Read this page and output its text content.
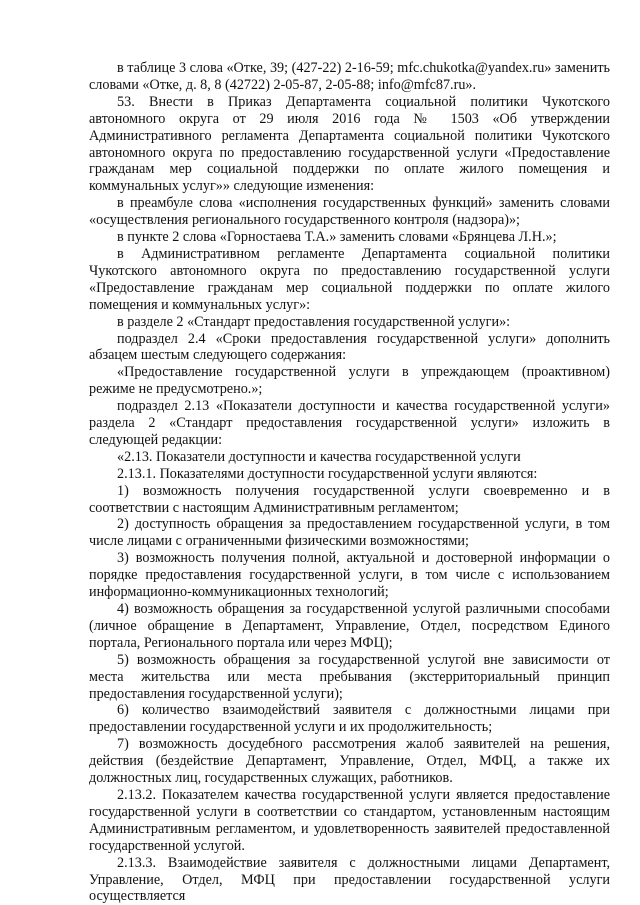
в таблице 3 слова «Отке, 39; (427-22) 2-16-59; mfc.chukotka@yandex.ru» заменить словами «Отке, д. 8, 8 (42722) 2-05-87, 2-05-88; info@mfc87.ru».

53. Внести в Приказ Департамента социальной политики Чукотского автономного округа от 29 июля 2016 года № 1503 «Об утверждении Административного регламента Департамента социальной политики Чукотского автономного округа по предоставлению государственной услуги «Предоставление гражданам мер социальной поддержки по оплате жилого помещения и коммунальных услуг»» следующие изменения:

в преамбуле слова «исполнения государственных функций» заменить словами «осуществления регионального государственного контроля (надзора)»;

в пункте 2 слова «Горностаева Т.А.» заменить словами «Брянцева Л.Н.»;

в Административном регламенте Департамента социальной политики Чукотского автономного округа по предоставлению государственной услуги «Предоставление гражданам мер социальной поддержки по оплате жилого помещения и коммунальных услуг»:

в разделе 2 «Стандарт предоставления государственной услуги»:

подраздел 2.4 «Сроки предоставления государственной услуги» дополнить абзацем шестым следующего содержания:

«Предоставление государственной услуги в упреждающем (проактивном) режиме не предусмотрено.»;

подраздел 2.13 «Показатели доступности и качества государственной услуги» раздела 2 «Стандарт предоставления государственной услуги» изложить в следующей редакции:

«2.13. Показатели доступности и качества государственной услуги

2.13.1. Показателями доступности государственной услуги являются:

1) возможность получения государственной услуги своевременно и в соответствии с настоящим Административным регламентом;

2) доступность обращения за предоставлением государственной услуги, в том числе лицами с ограниченными физическими возможностями;

3) возможность получения полной, актуальной и достоверной информации о порядке предоставления государственной услуги, в том числе с использованием информационно-коммуникационных технологий;

4) возможность обращения за государственной услугой различными способами (личное обращение в Департамент, Управление, Отдел, посредством Единого портала, Регионального портала или через МФЦ);

5) возможность обращения за государственной услугой вне зависимости от места жительства или места пребывания (экстерриториальный принцип предоставления государственной услуги);

6) количество взаимодействий заявителя с должностными лицами при предоставлении государственной услуги и их продолжительность;

7) возможность досудебного рассмотрения жалоб заявителей на решения, действия (бездействие Департамент, Управление, Отдел, МФЦ, а также их должностных лиц, государственных служащих, работников.

2.13.2. Показателем качества государственной услуги является предоставление государственной услуги в соответствии со стандартом, установленным настоящим Административным регламентом, и удовлетворенность заявителей предоставленной государственной услугой.

2.13.3. Взаимодействие заявителя с должностными лицами Департамент, Управление, Отдел, МФЦ при предоставлении государственной услуги осуществляется
